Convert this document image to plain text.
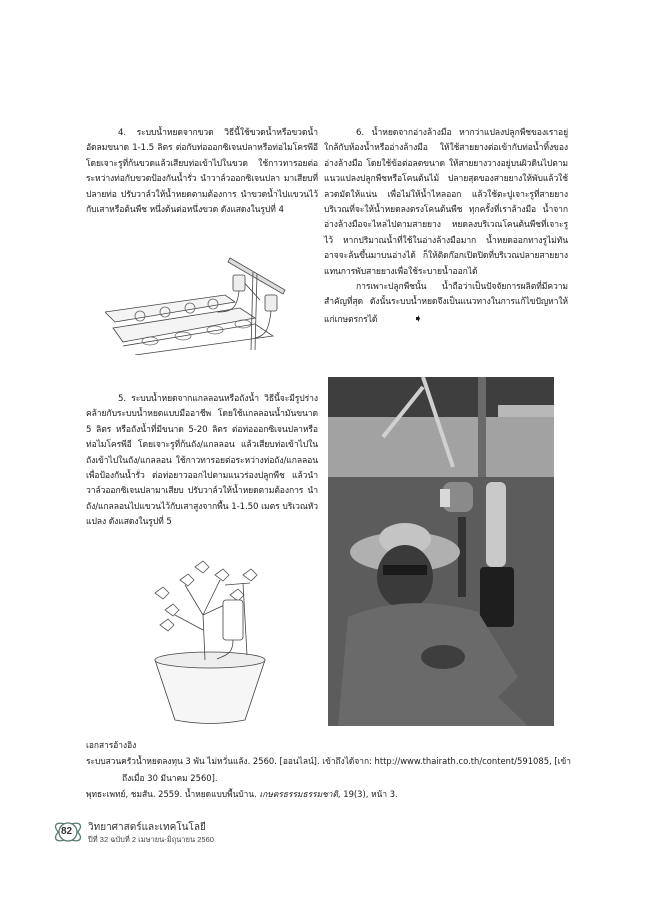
4. ระบบน้ำหยดจากขวด วิธีนี้ใช้ขวดน้ำหรือขวดน้ำอัดลมขนาด 1-1.5 ลิตร ต่อกับท่อออกซิเจนปลาหรือท่อไมโครพีอี โดยเจาะรูที่ก้นขวดแล้วเสียบท่อเข้าไปในขวด ใช้กาวทารอยต่อระหว่างท่อกับขวดป้องกันน้ำรั่ว นำวาล์วออกซิเจนปลา มาเสียบที่ปลายท่อ ปรับวาล์วให้น้ำหยดตามต้องการ นำขวดน้ำไปแขวนไว้กับเสาหรือต้นพืช หนึ่งต้นต่อหนึ่งขวด ดังแสดงในรูปที่ 4

6. น้ำหยดจากอ่างล้างมือ หากว่าแปลงปลูกพืชของเราอยู่ใกล้กับห้องน้ำหรืออ่างล้างมือ ให้ใช้สายยางต่อเข้ากับท่อน้ำทิ้งของอ่างล้างมือ โดยใช้ข้อต่อลดขนาด ให้สายยางวางอยู่บนผิวดินไปตามแนวแปลงปลูกพืชหรือโคนต้นไม้ ปลายสุดของสายยางให้พับแล้วใช้ลวดมัดให้แน่น เพื่อไม่ให้น้ำไหลออก แล้วใช้ตะปูเจาะรูที่สายยางบริเวณที่จะให้น้ำหยดลงตรงโคนต้นพืช ทุกครั้งที่เราล้างมือ น้ำจากอ่างล้างมือจะไหลไปตามสายยาง หยดลงบริเวณโคนต้นพืชที่เจาะรูไว้ หากปริมาณน้ำที่ใช้ในอ่างล้างมือมาก น้ำหยดออกทางรูไม่ทัน อาจจะล้นขึ้นมาบนอ่างได้ ก็ให้ติดก๊อกเปิดปิดที่บริเวณปลายสายยาง แทนการพับสายยางเพื่อใช้ระบายน้ำออกได้

การเพาะปลูกพืชนั้น น้ำถือว่าเป็นปัจจัยการผลิตที่มีความสำคัญที่สุด ดังนั้นระบบน้ำหยดจึงเป็นแนวทางในการแก้ไขปัญหาให้แก่เกษตรกรได้	➧

5. ระบบน้ำหยดจากแกลลอนหรือถังน้ำ วิธีนี้จะมีรูปร่างคล้ายกับระบบน้ำหยดแบบมืออาชีพ โดยใช้แกลลอนน้ำมันขนาด 5 ลิตร หรือถังน้ำที่มีขนาด 5-20 ลิตร ต่อท่อออกซิเจนปลาหรือท่อไมโครพีอี โดยเจาะรูที่ก้นถัง/แกลลอน แล้วเสียบท่อเข้าไปในถังเข้าไปในถัง/แกลลอน ใช้กาวทารอยต่อระหว่างท่อถัง/แกลลอนเพื่อป้องกันน้ำรั่ว ต่อท่อยาวออกไปตามแนวร่องปลูกพืช แล้วนำวาล์วออกซิเจนปลามาเสียบ ปรับวาล์วให้น้ำหยดตามต้องการ นำถัง/แกลลอนไปแขวนไว้กับเสาสูงจากพื้น 1-1.50 เมตร บริเวณหัวแปลง ดังแสดงในรูปที่ 5

เอกสารอ้างอิง

ระบบสวนครัวน้ำหยดลงทุน 3 พัน ไม่หวั่นแล้ง. 2560. [ออนไลน์]. เข้าถึงได้จาก: http://www.thairath.co.th/content/591085, [เข้าถึงเมื่อ 30 มีนาคม 2560].

พุทธะเพทย์, ชมสัน. 2559. น้ำหยดแบบพื้นบ้าน. เกษตรธรรมธรรมชาติ, 19(3), หน้า 3.

82 วิทยาศาสตร์และเทคโนโลยี
ปีที่ 32 ฉบับที่ 2 เมษายน-มิถุนายน 2560
